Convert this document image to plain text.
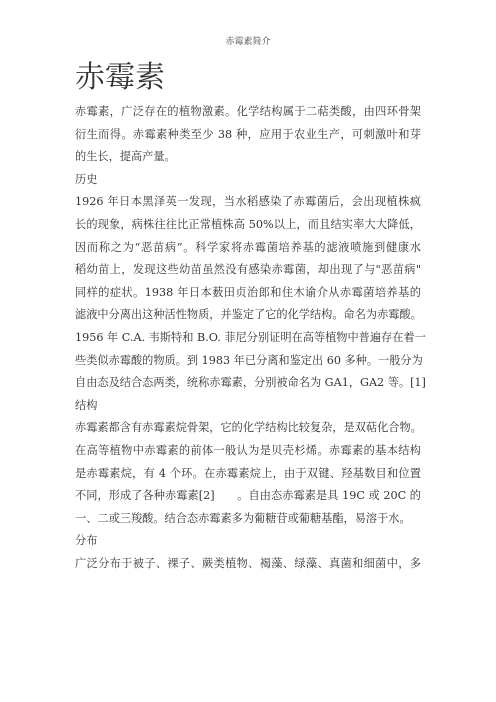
赤霉素简介
赤霉素
赤霉素，广泛存在的植物激素。化学结构属于二萜类酸，由四环骨架
衍生而得。赤霉素种类至少 38 种，应用于农业生产，可刺激叶和芽
的生长，提高产量。
历史
1926 年日本黑泽英一发现，当水稻感染了赤霉菌后，会出现植株疯
长的现象，病株往往比正常植株高 50%以上，而且结实率大大降低，
因而称之为“恶苗病”。科学家将赤霉菌培养基的滤液喷施到健康水
稻幼苗上，发现这些幼苗虽然没有感染赤霉菌，却出现了与"恶苗病"
同样的症状。1938 年日本薮田贞治郎和住木谕介从赤霉菌培养基的
滤液中分离出这种活性物质，并鉴定了它的化学结构。命名为赤霉酸。
1956 年 C.A. 韦斯特和 B.O. 菲尼分别证明在高等植物中普遍存在着一
些类似赤霉酸的物质。到 1983 年已分离和鉴定出 60 多种。一般分为
自由态及结合态两类，统称赤霉素，分别被命名为 GA1，GA2 等。[1]
结构
赤霉素都含有赤霉素烷骨架，它的化学结构比较复杂，是双萜化合物。
在高等植物中赤霉素的前体一般认为是贝壳杉烯。赤霉素的基本结构
是赤霉素烷，有 4 个环。在赤霉素烷上，由于双键、羟基数目和位置
不同，形成了各种赤霉素[2]　　。自由态赤霉素是具 19C 或 20C 的
一、二或三羧酸。结合态赤霉素多为葡糖苷或葡糖基酯，易溶于水。
分布
广泛分布于被子、裸子、蕨类植物、褐藻、绿藻、真菌和细菌中，多
